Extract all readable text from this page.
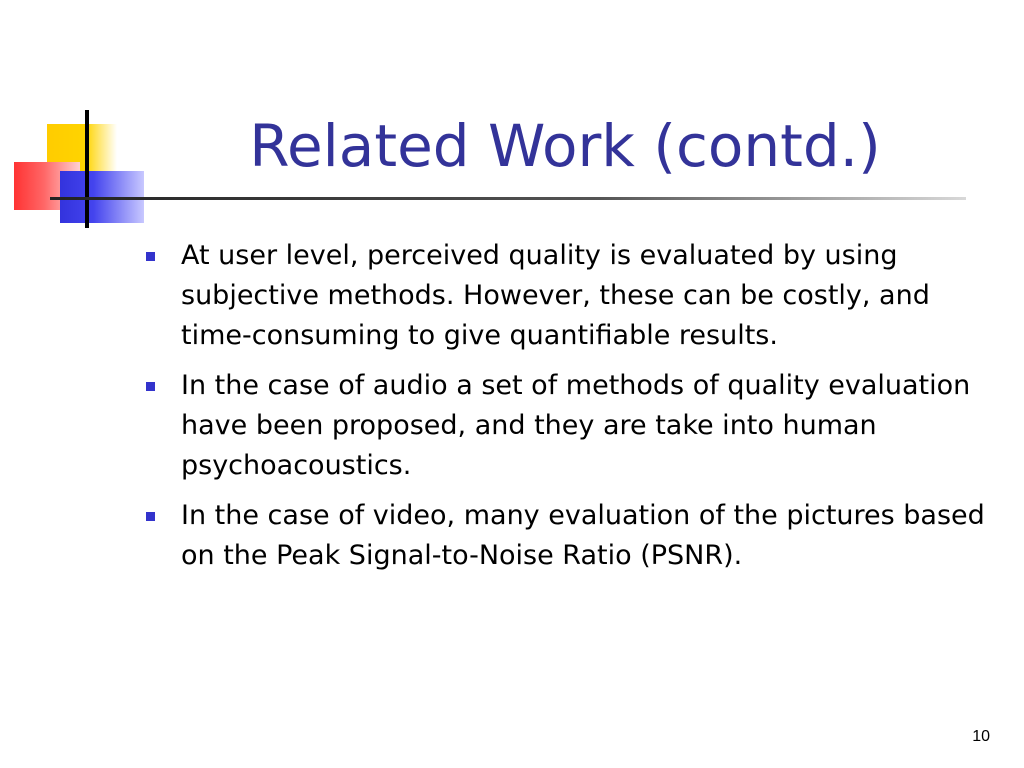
Related Work (contd.)
At user level, perceived quality is evaluated by using subjective methods. However, these can be costly, and time-consuming to give quantifiable results.
In the case of audio a set of methods of quality evaluation have been proposed, and they are take into human psychoacoustics.
In the case of video, many evaluation of the pictures based on the Peak Signal-to-Noise Ratio (PSNR).
10
